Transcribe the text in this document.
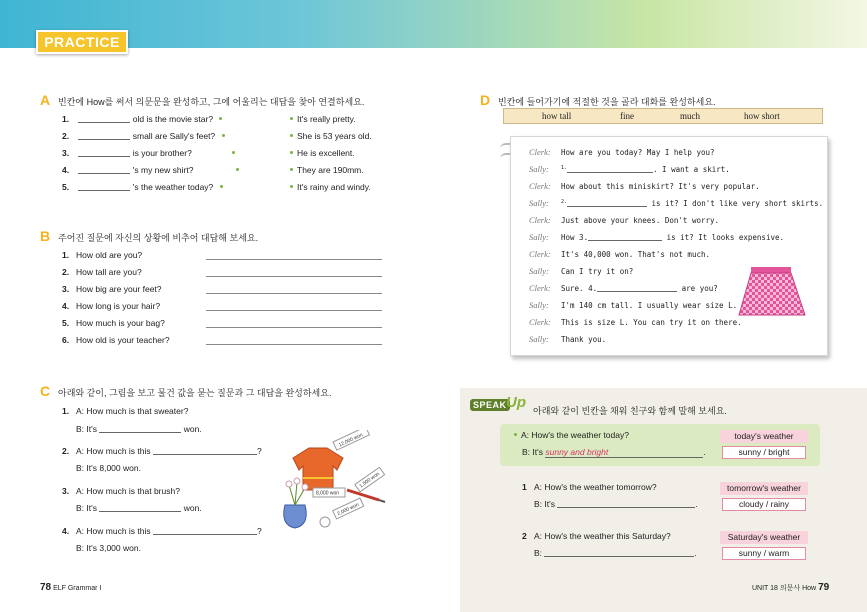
PRACTICE
A 빈칸에 How를 써서 의문문을 완성하고, 그에 어울리는 대답을 찾아 연결하세요.
1.	old is the movie star?
2.	small are Sally's feet?
3.	is your brother?
4.	's my new shirt?
5.	's the weather today?
It's really pretty.
She is 53 years old.
He is excellent.
They are 190mm.
It's rainy and windy.
B 주어진 질문에 자신의 상황에 비추어 대답해 보세요.
1. How old are you?
2. How tall are you?
3. How big are your feet?
4. How long is your hair?
5. How much is your bag?
6. How old is your teacher?
C 아래와 같이, 그림을 보고 물건 값을 묻는 질문과 그 대답을 완성하세요.
1. A: How much is that sweater?
B: It's	won.
2. A: How much is this	?
B: It's 8,000 won.
3. A: How much is that brush?
B: It's	won.
4. A: How much is this	?
B: It's 3,000 won.
12,000 won
8,000 won
1,500 won
2,000 won
D 빈칸에 들어가기에 적절한 것을 골라 대화를 완성하세요.
how tall	fine	much	how short
Clerk: How are you today? May I help you?
Sally: $^{1.}$	. I want a skirt.
Clerk: How about this miniskirt? It's very popular.
Sally: $^{2.}$	is it? I don't like very short skirts.
Clerk: Just above your knees. Don't worry.
Sally: How 3.	is it? It looks expensive.
Clerk: It's 40,000 won. That's not much.
Sally: Can I try it on?
Clerk: Sure. 4.	are you?
Sally: I'm 140 cm tall. I usually wear size L.
Clerk: This is size L. You can try it on there.
Sally: Thank you.
SPEAK Up 아래와 같이 빈칸을 채워 친구와 함께 말해 보세요.
A: How's the weather today?
B: It's sunny and bright	.
today's weather
sunny / bright
1 A: How's the weather tomorrow?
B: It's	.
tomorrow's weather
cloudy / rainy
2 A: How's the weather this Saturday?
B:	.
Saturday's weather
sunny / warm
78 ELF Grammar I	UNIT 18 의문사 How 79
